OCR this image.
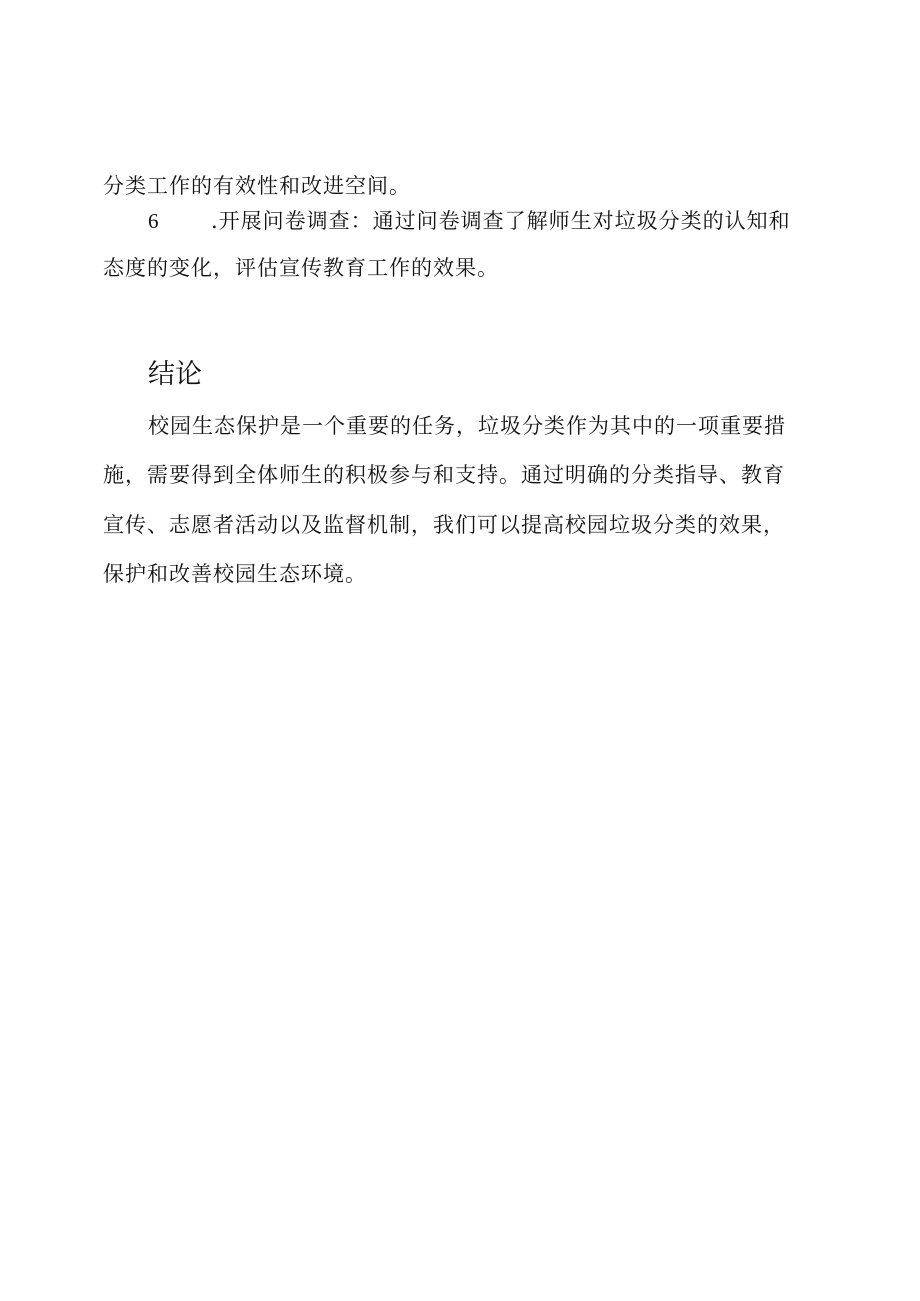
分类工作的有效性和改进空间。
6	.开展问卷调查：通过问卷调查了解师生对垃圾分类的认知和
态度的变化，评估宣传教育工作的效果。
结论
校园生态保护是一个重要的任务，垃圾分类作为其中的一项重要措
施，需要得到全体师生的积极参与和支持。通过明确的分类指导、教育
宣传、志愿者活动以及监督机制，我们可以提高校园垃圾分类的效果，
保护和改善校园生态环境。
